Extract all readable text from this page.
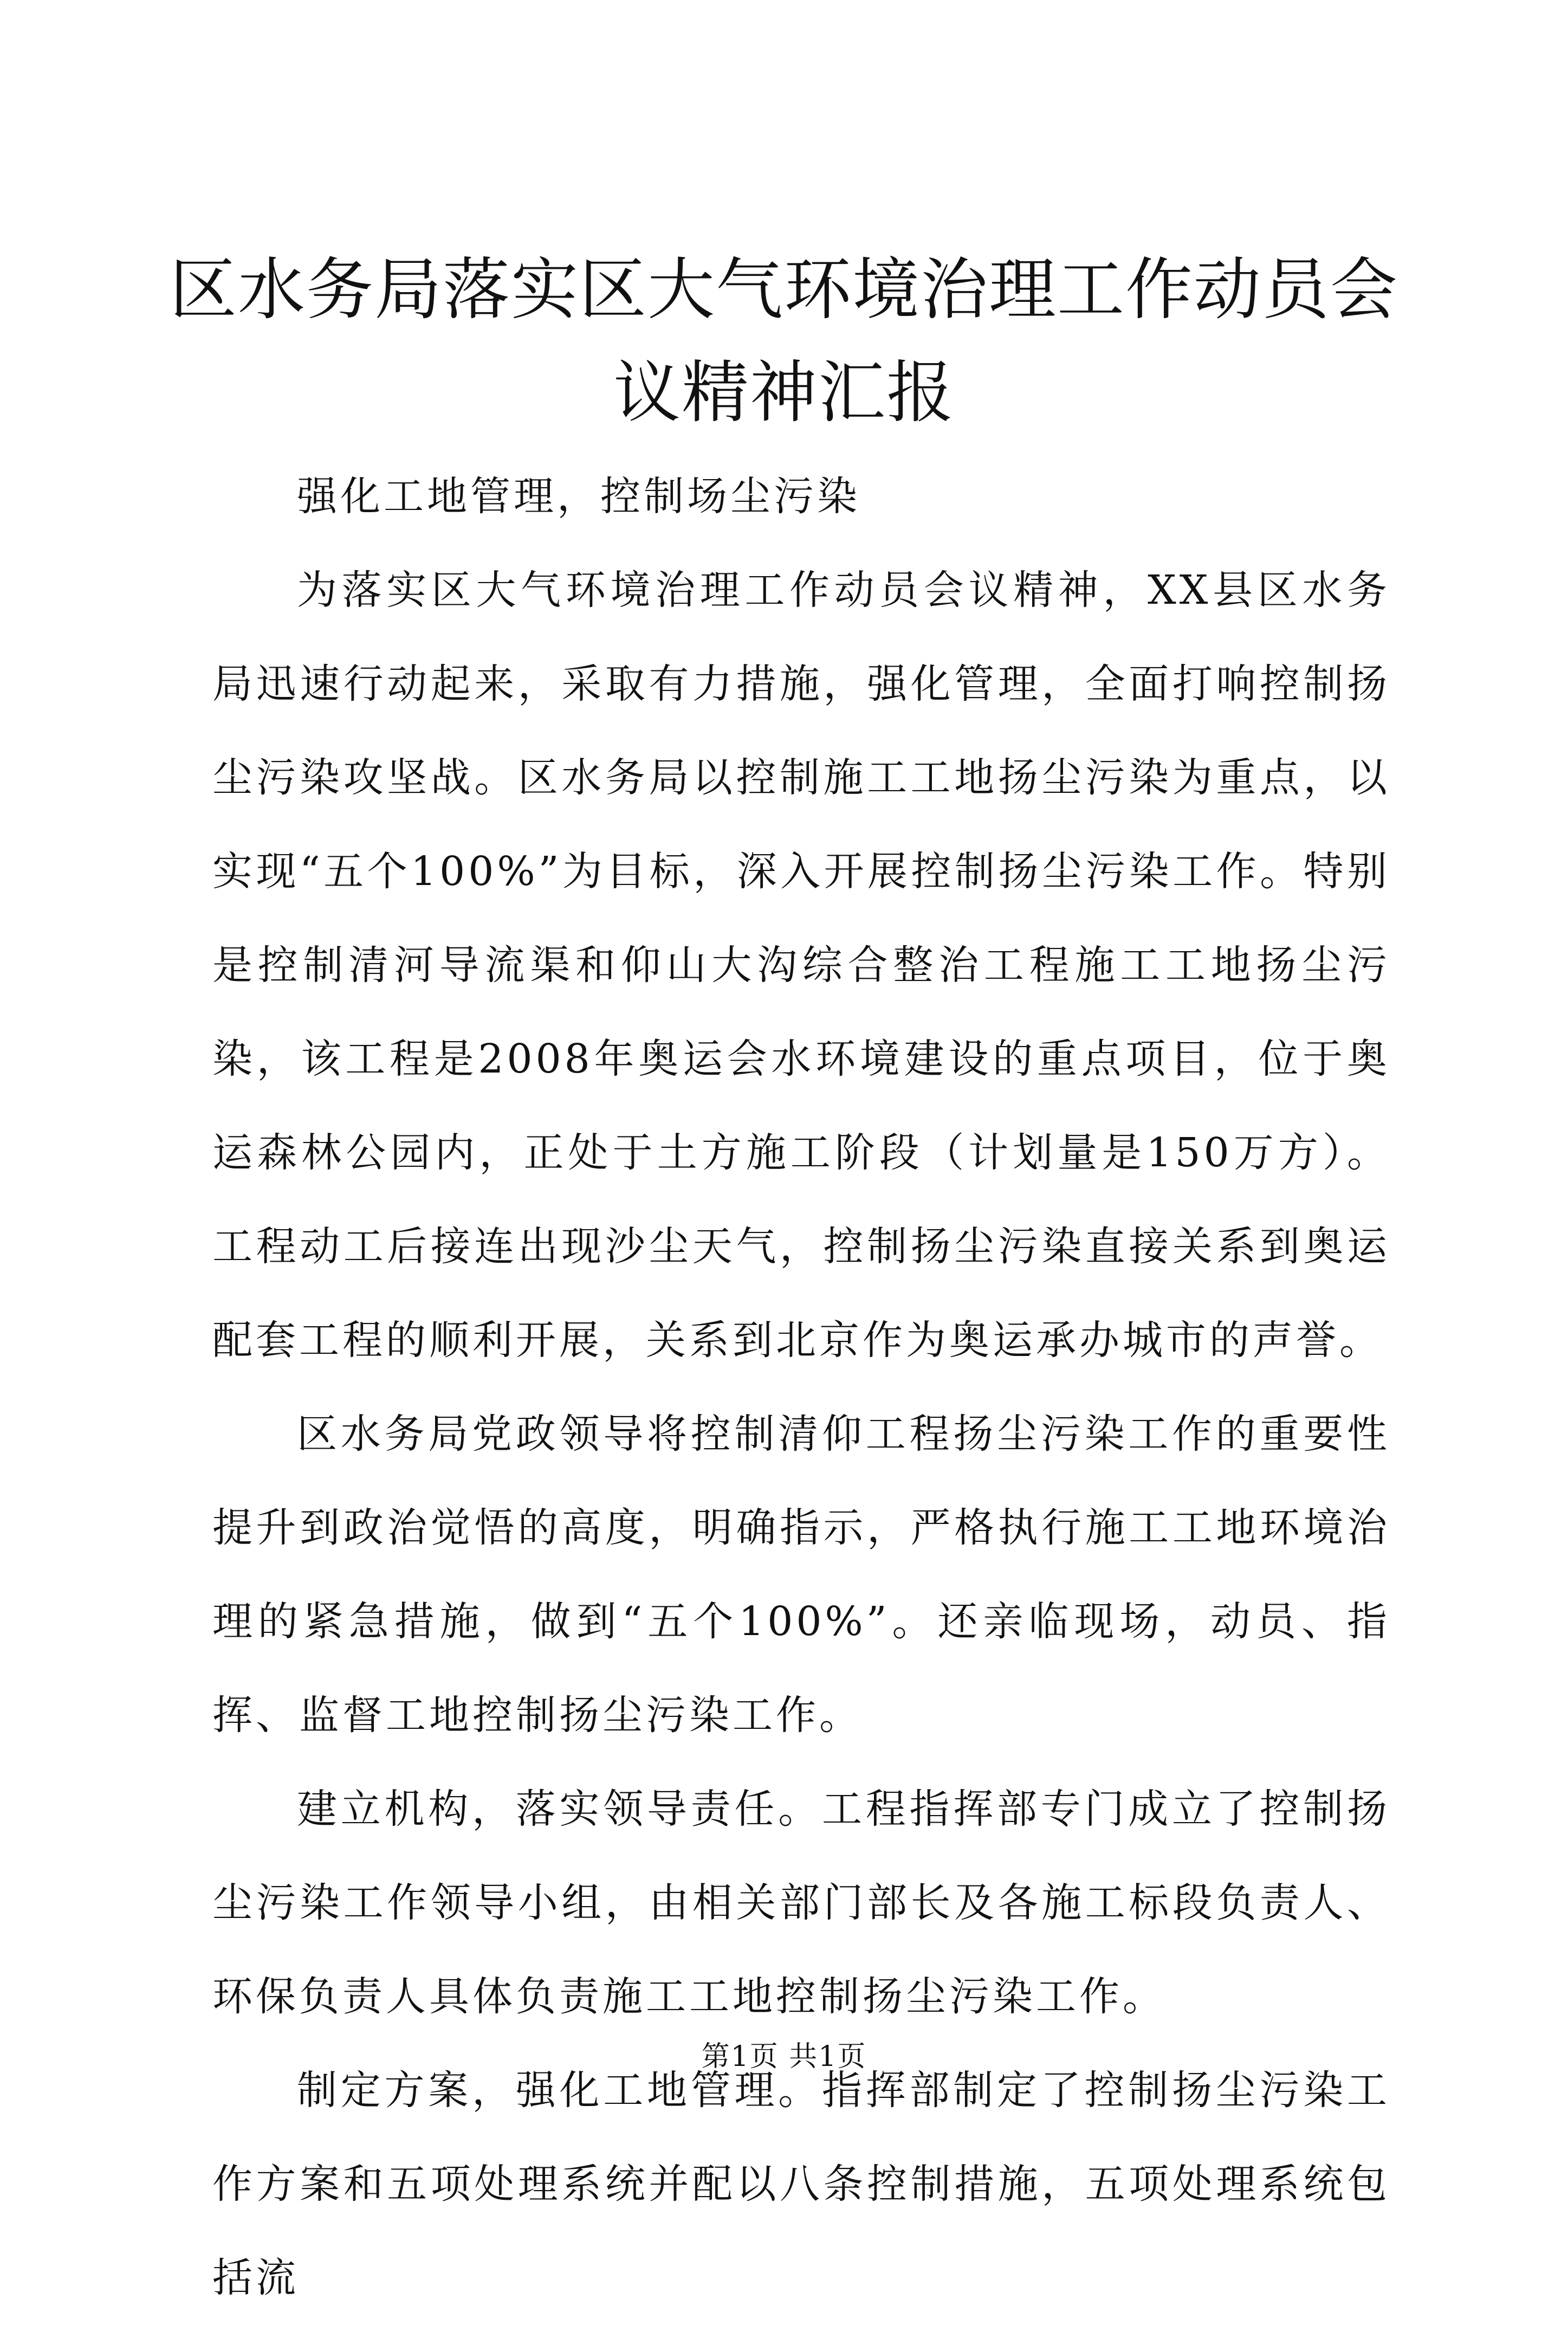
区水务局落实区大气环境治理工作动员会议精神汇报

强化工地管理，控制场尘污染

为落实区大气环境治理工作动员会议精神，XX县区水务局迅速行动起来，采取有力措施，强化管理，全面打响控制扬尘污染攻坚战。区水务局以控制施工工地扬尘污染为重点，以实现“五个100%”为目标，深入开展控制扬尘污染工作。特别是控制清河导流渠和仰山大沟综合整治工程施工工地扬尘污染，该工程是2008年奥运会水环境建设的重点项目，位于奥运森林公园内，正处于土方施工阶段（计划量是150万方）。工程动工后接连出现沙尘天气，控制扬尘污染直接关系到奥运配套工程的顺利开展，关系到北京作为奥运承办城市的声誉。

区水务局党政领导将控制清仰工程扬尘污染工作的重要性提升到政治觉悟的高度，明确指示，严格执行施工工地环境治理的紧急措施，做到“五个100%”。还亲临现场，动员、指挥、监督工地控制扬尘污染工作。

建立机构，落实领导责任。工程指挥部专门成立了控制扬尘污染工作领导小组，由相关部门部长及各施工标段负责人、环保负责人具体负责施工工地控制扬尘污染工作。

制定方案，强化工地管理。指挥部制定了控制扬尘污染工作方案和五项处理系统并配以八条控制措施，五项处理系统包括流

第1页 共1页
